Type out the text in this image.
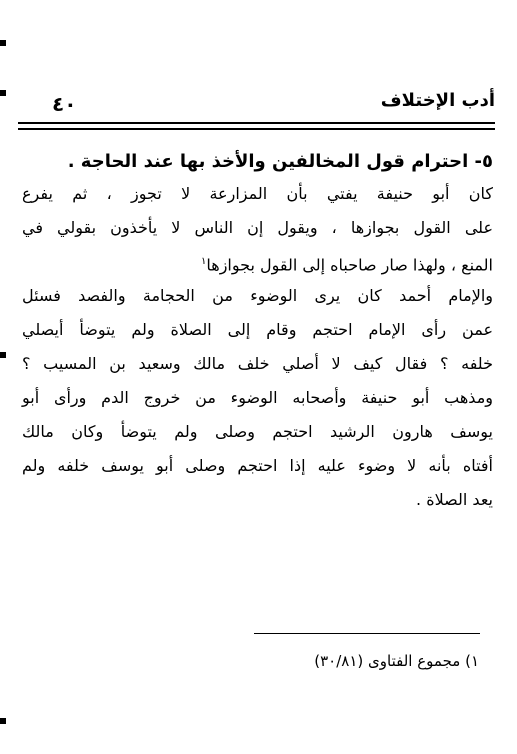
٤٠	أدب الإختلاف
٥- احترام قول المخالفين والأخذ بها عند الحاجة .
كان أبو حنيفة يفتي بأن المزارعة لا تجوز ، ثم يفرع
على القول بجوازها ، ويقول إن الناس لا يأخذون بقولي في
المنع ، ولهذا صار صاحباه إلى القول بجوازها$^١$
والإمام أحمد كان يرى الوضوء من الحجامة والفصد فسئل
عمن رأى الإمام احتجم وقام إلى الصلاة ولم يتوضأ أيصلي
خلفه ؟ فقال كيف لا أصلي خلف مالك وسعيد بن المسيب ؟
ومذهب أبو حنيفة وأصحابه الوضوء من خروج الدم ورأى أبو
يوسف هارون الرشيد احتجم وصلى ولم يتوضأ وكان مالك
أفتاه بأنه لا وضوء عليه إذا احتجم وصلى أبو يوسف خلفه ولم
يعد الصلاة .
١) مجموع الفتاوى (٣٠/٨١)
